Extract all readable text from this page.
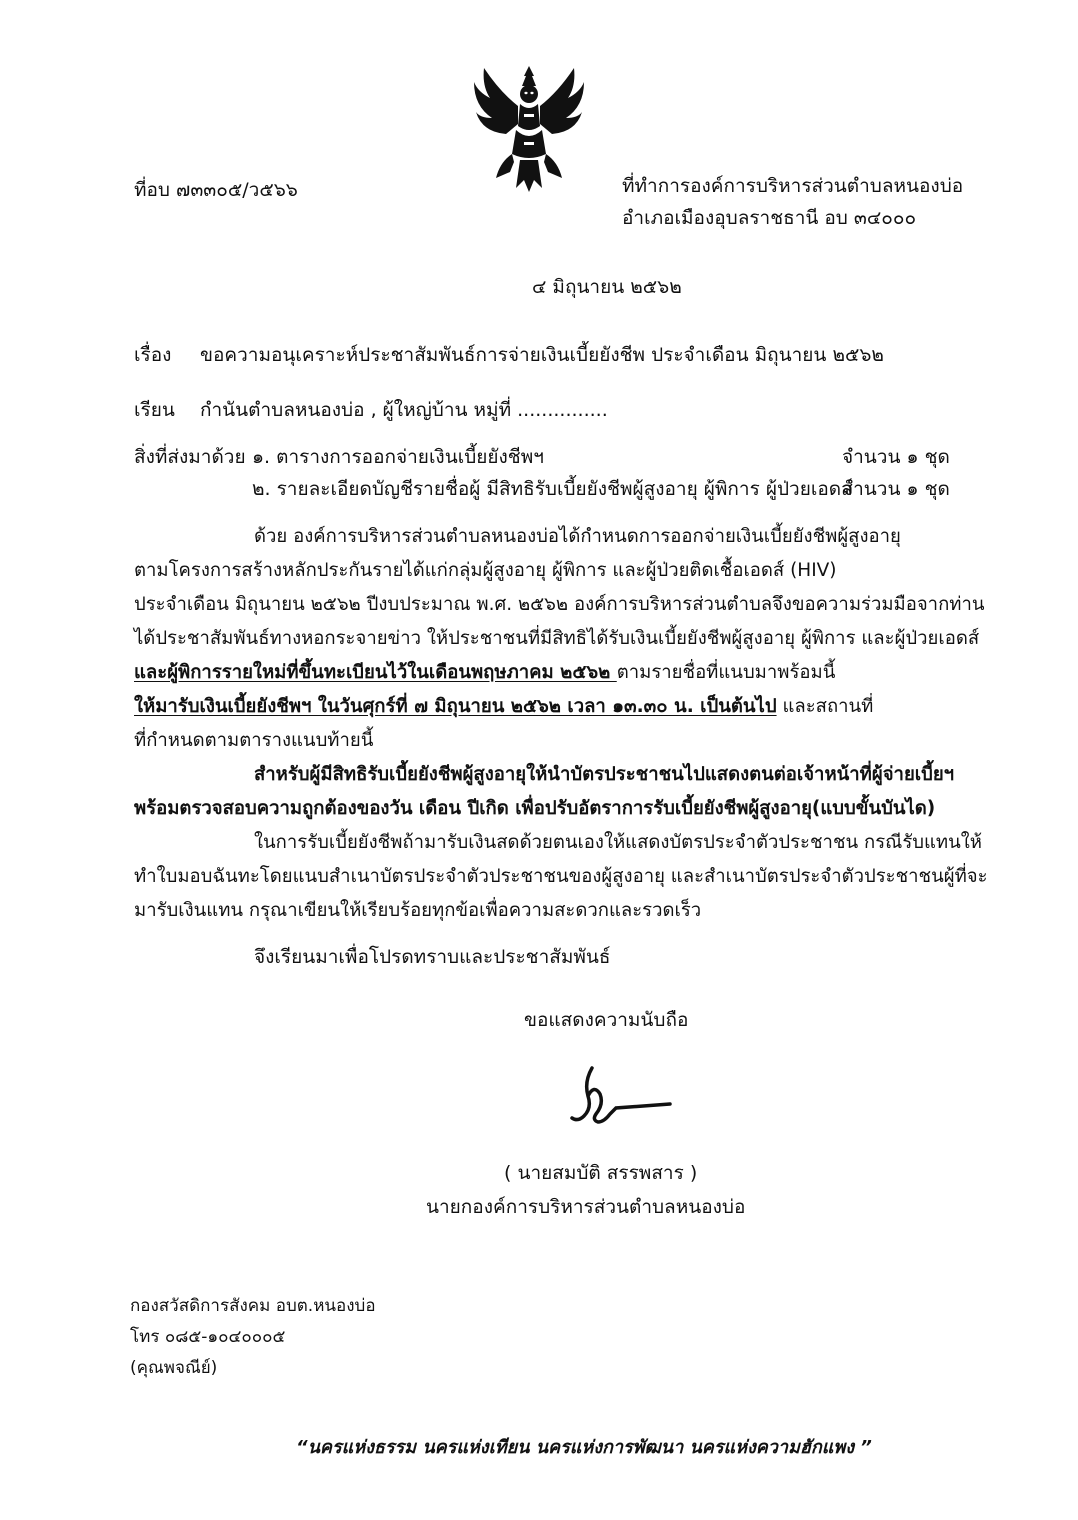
ที่อบ ๗๓๓๐๕/ว๕๖๖	ที่ทำการองค์การบริหารส่วนตำบลหนองบ่อ
อำเภอเมืองอุบลราชธานี อบ ๓๔๐๐๐
๔ มิถุนายน ๒๕๖๒
เรื่อง ขอความอนุเคราะห์ประชาสัมพันธ์การจ่ายเงินเบี้ยยังชีพ ประจำเดือน มิถุนายน ๒๕๖๒
เรียน กำนันตำบลหนองบ่อ , ผู้ใหญ่บ้าน หมู่ที่ ...............
สิ่งที่ส่งมาด้วย ๑. ตารางการออกจ่ายเงินเบี้ยยังชีพฯ	จำนวน ๑ ชุด
๒. รายละเอียดบัญชีรายชื่อผู้ มีสิทธิรับเบี้ยยังชีพผู้สูงอายุ ผู้พิการ ผู้ป่วยเอดส์
จำนวน ๑ ชุด
ด้วย องค์การบริหารส่วนตำบลหนองบ่อได้กำหนดการออกจ่ายเงินเบี้ยยังชีพผู้สูงอายุ
ตามโครงการสร้างหลักประกันรายได้แก่กลุ่มผู้สูงอายุ ผู้พิการ และผู้ป่วยติดเชื้อเอดส์ (HIV)
ประจำเดือน มิถุนายน ๒๕๖๒ ปีงบประมาณ พ.ศ. ๒๕๖๒ องค์การบริหารส่วนตำบลจึงขอความร่วมมือจากท่าน
ได้ประชาสัมพันธ์ทางหอกระจายข่าว ให้ประชาชนที่มีสิทธิได้รับเงินเบี้ยยังชีพผู้สูงอายุ ผู้พิการ และผู้ป่วยเอดส์
และผู้พิการรายใหม่ที่ขึ้นทะเบียนไว้ในเดือนพฤษภาคม ๒๕๖๒ ตามรายชื่อที่แนบมาพร้อมนี้
ให้มารับเงินเบี้ยยังชีพฯ ในวันศุกร์ที่ ๗ มิถุนายน ๒๕๖๒ เวลา ๑๓.๓๐ น. เป็นต้นไป และสถานที่
ที่กำหนดตามตารางแนบท้ายนี้
สำหรับผู้มีสิทธิรับเบี้ยยังชีพผู้สูงอายุให้นำบัตรประชาชนไปแสดงตนต่อเจ้าหน้าที่ผู้จ่ายเบี้ยฯ
พร้อมตรวจสอบความถูกต้องของวัน เดือน ปีเกิด เพื่อปรับอัตราการรับเบี้ยยังชีพผู้สูงอายุ(แบบขั้นบันได)
ในการรับเบี้ยยังชีพถ้ามารับเงินสดด้วยตนเองให้แสดงบัตรประจำตัวประชาชน กรณีรับแทนให้
ทำใบมอบฉันทะโดยแนบสำเนาบัตรประจำตัวประชาชนของผู้สูงอายุ และสำเนาบัตรประจำตัวประชาชนผู้ที่จะ
มารับเงินแทน กรุณาเขียนให้เรียบร้อยทุกข้อเพื่อความสะดวกและรวดเร็ว
จึงเรียนมาเพื่อโปรดทราบและประชาสัมพันธ์
ขอแสดงความนับถือ
( นายสมบัติ สรรพสาร )
นายกองค์การบริหารส่วนตำบลหนองบ่อ
กองสวัสดิการสังคม อบต.หนองบ่อ
โทร ๐๘๕-๑๐๔๐๐๐๕
(คุณพจณีย์)
“นครแห่งธรรม นครแห่งเทียน นครแห่งการพัฒนา นครแห่งความฮักแพง ”
